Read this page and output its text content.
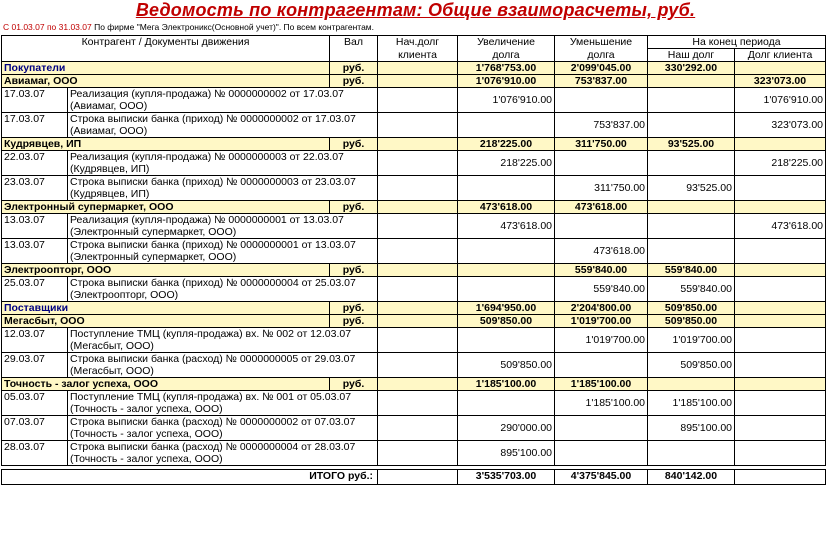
Ведомость по контрагентам: Общие взаиморасчеты, руб.
С 01.03.07 по 31.03.07 По фирме "Мега Электроникс(Основной учет)". По всем контрагентам.
Контрагент / Документы движения		Вал	Нач.долг	Увеличение	Уменьшение	На конец периода	
			клиента	долга	долга	Наш долг	Долг клиента
Покупатели		руб.		1'768'753.00	2'099'045.00	330'292.00	
Авиамаг, ООО		руб.		1'076'910.00	753'837.00		323'073.00
17.03.07	Реализация (купля-продажа) № 0000000002 от 17.03.07 (Авиамаг, ООО)			1'076'910.00			1'076'910.00
17.03.07	Строка выписки банка (приход) № 0000000002 от 17.03.07 (Авиамаг, ООО)				753'837.00		323'073.00
Кудрявцев, ИП		руб.		218'225.00	311'750.00	93'525.00	
22.03.07	Реализация (купля-продажа) № 0000000003 от 22.03.07 (Кудрявцев, ИП)			218'225.00			218'225.00
23.03.07	Строка выписки банка (приход) № 0000000003 от 23.03.07 (Кудрявцев, ИП)				311'750.00	93'525.00	
Электронный супермаркет, ООО		руб.		473'618.00	473'618.00		
13.03.07	Реализация (купля-продажа) № 0000000001 от 13.03.07 (Электронный супермаркет, ООО)			473'618.00			473'618.00
13.03.07	Строка выписки банка (приход) № 0000000001 от 13.03.07 (Электронный супермаркет, ООО)				473'618.00		
Электроопторг, ООО		руб.			559'840.00	559'840.00	
25.03.07	Строка выписки банка (приход) № 0000000004 от 25.03.07 (Электроопторг, ООО)				559'840.00	559'840.00	
Поставщики		руб.		1'694'950.00	2'204'800.00	509'850.00	
Мегасбыт, ООО		руб.		509'850.00	1'019'700.00	509'850.00	
12.03.07	Поступление ТМЦ (купля-продажа) вх. № 002 от 12.03.07 (Мегасбыт, ООО)				1'019'700.00	1'019'700.00	
29.03.07	Строка выписки банка (расход) № 0000000005 от 29.03.07 (Мегасбыт, ООО)			509'850.00		509'850.00	
Точность - залог успеха, ООО		руб.		1'185'100.00	1'185'100.00		
05.03.07	Поступление ТМЦ (купля-продажа) вх. № 001 от 05.03.07 (Точность - залог успеха, ООО)				1'185'100.00	1'185'100.00	
07.03.07	Строка выписки банка (расход) № 0000000002 от 07.03.07 (Точность - залог успеха, ООО)			290'000.00		895'100.00	
28.03.07	Строка выписки банка (расход) № 0000000004 от 28.03.07 (Точность - залог успеха, ООО)			895'100.00			

ИТОГО руб.:				3'535'703.00	4'375'845.00	840'142.00	
